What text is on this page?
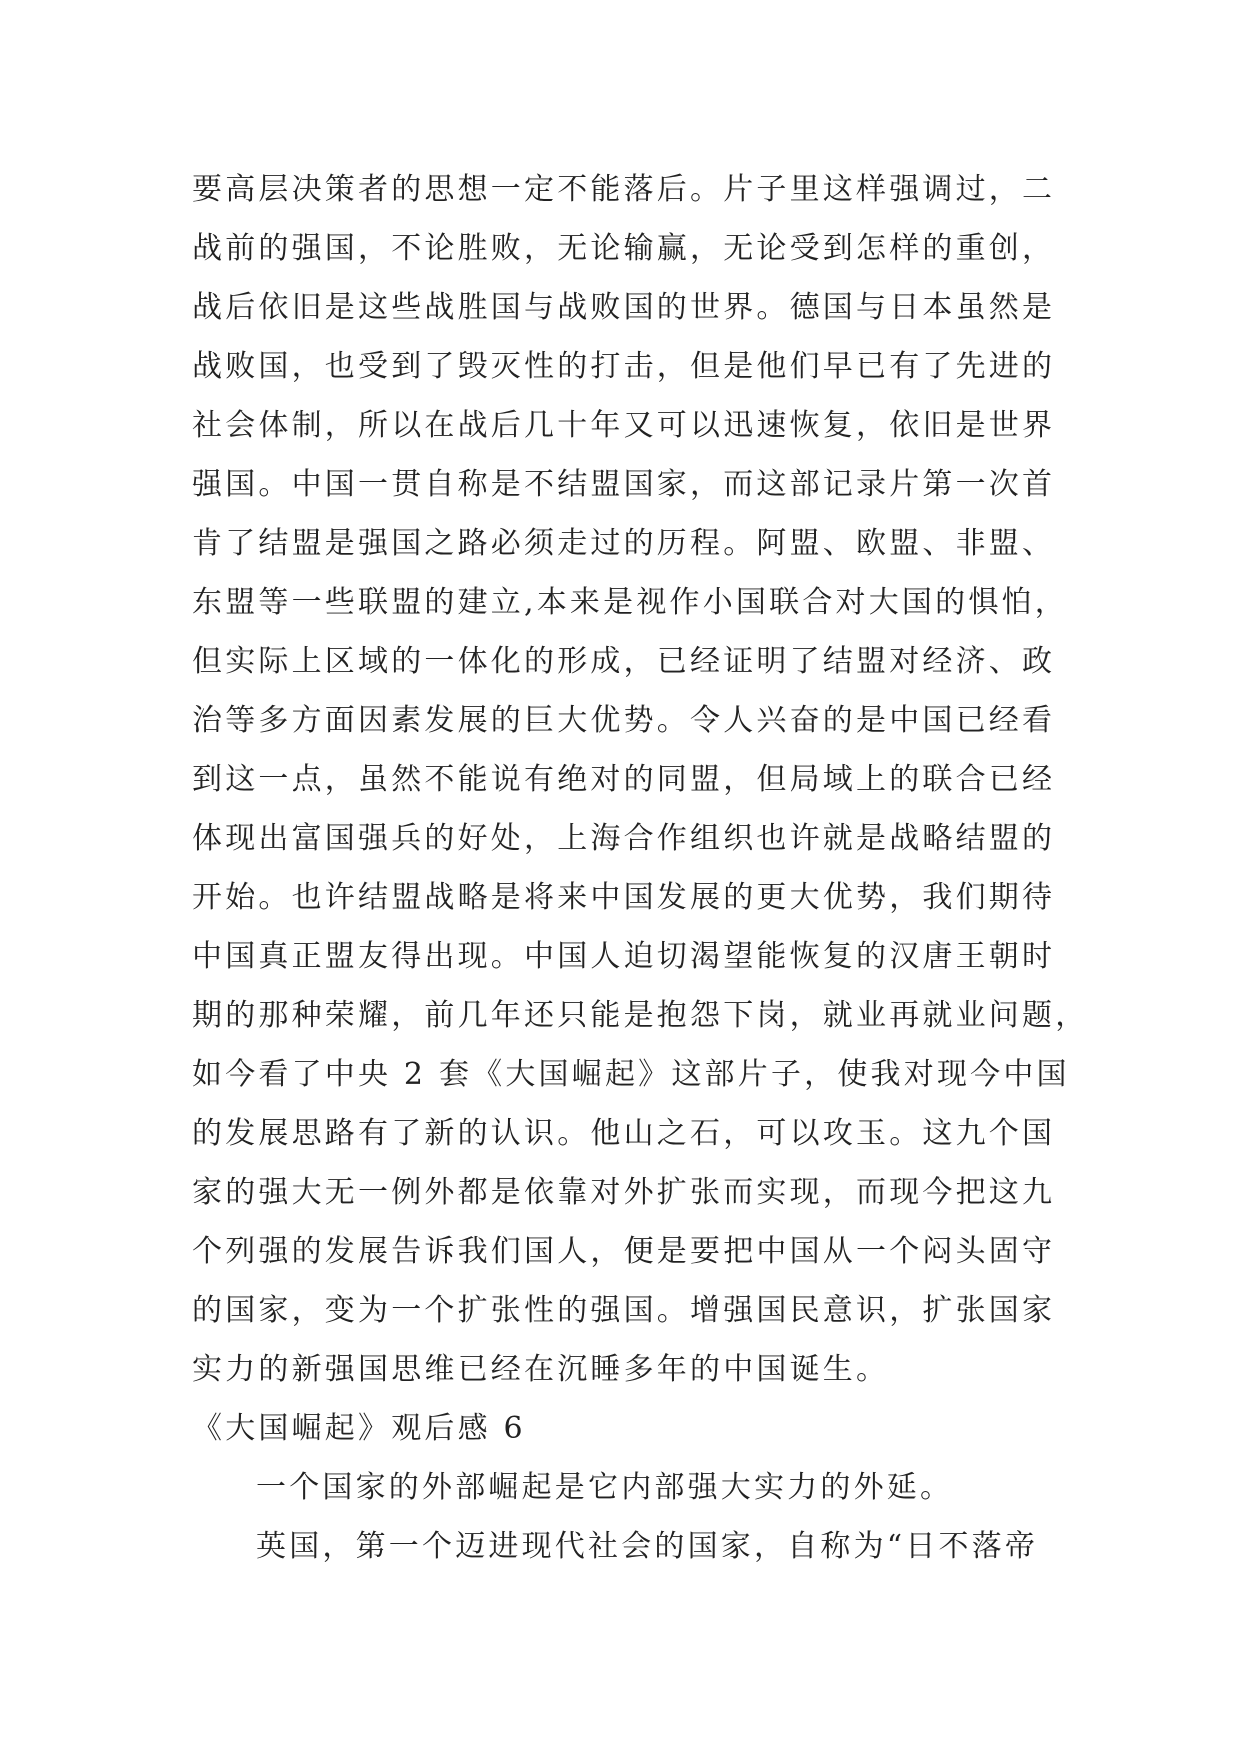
要高层决策者的思想一定不能落后。片子里这样强调过，二
战前的强国，不论胜败，无论输赢，无论受到怎样的重创，
战后依旧是这些战胜国与战败国的世界。德国与日本虽然是
战败国，也受到了毁灭性的打击，但是他们早已有了先进的
社会体制，所以在战后几十年又可以迅速恢复，依旧是世界
强国。中国一贯自称是不结盟国家，而这部记录片第一次首
肯了结盟是强国之路必须走过的历程。阿盟、欧盟、非盟、
东盟等一些联盟的建立,本来是视作小国联合对大国的惧怕，
但实际上区域的一体化的形成，已经证明了结盟对经济、政
治等多方面因素发展的巨大优势。令人兴奋的是中国已经看
到这一点，虽然不能说有绝对的同盟，但局域上的联合已经
体现出富国强兵的好处，上海合作组织也许就是战略结盟的
开始。也许结盟战略是将来中国发展的更大优势，我们期待
中国真正盟友得出现。中国人迫切渴望能恢复的汉唐王朝时
期的那种荣耀，前几年还只能是抱怨下岗，就业再就业问题，
如今看了中央 2 套《大国崛起》这部片子，使我对现今中国
的发展思路有了新的认识。他山之石，可以攻玉。这九个国
家的强大无一例外都是依靠对外扩张而实现，而现今把这九
个列强的发展告诉我们国人，便是要把中国从一个闷头固守
的国家，变为一个扩张性的强国。增强国民意识，扩张国家
实力的新强国思维已经在沉睡多年的中国诞生。
《大国崛起》观后感 6
一个国家的外部崛起是它内部强大实力的外延。
英国，第一个迈进现代社会的国家，自称为“日不落帝
